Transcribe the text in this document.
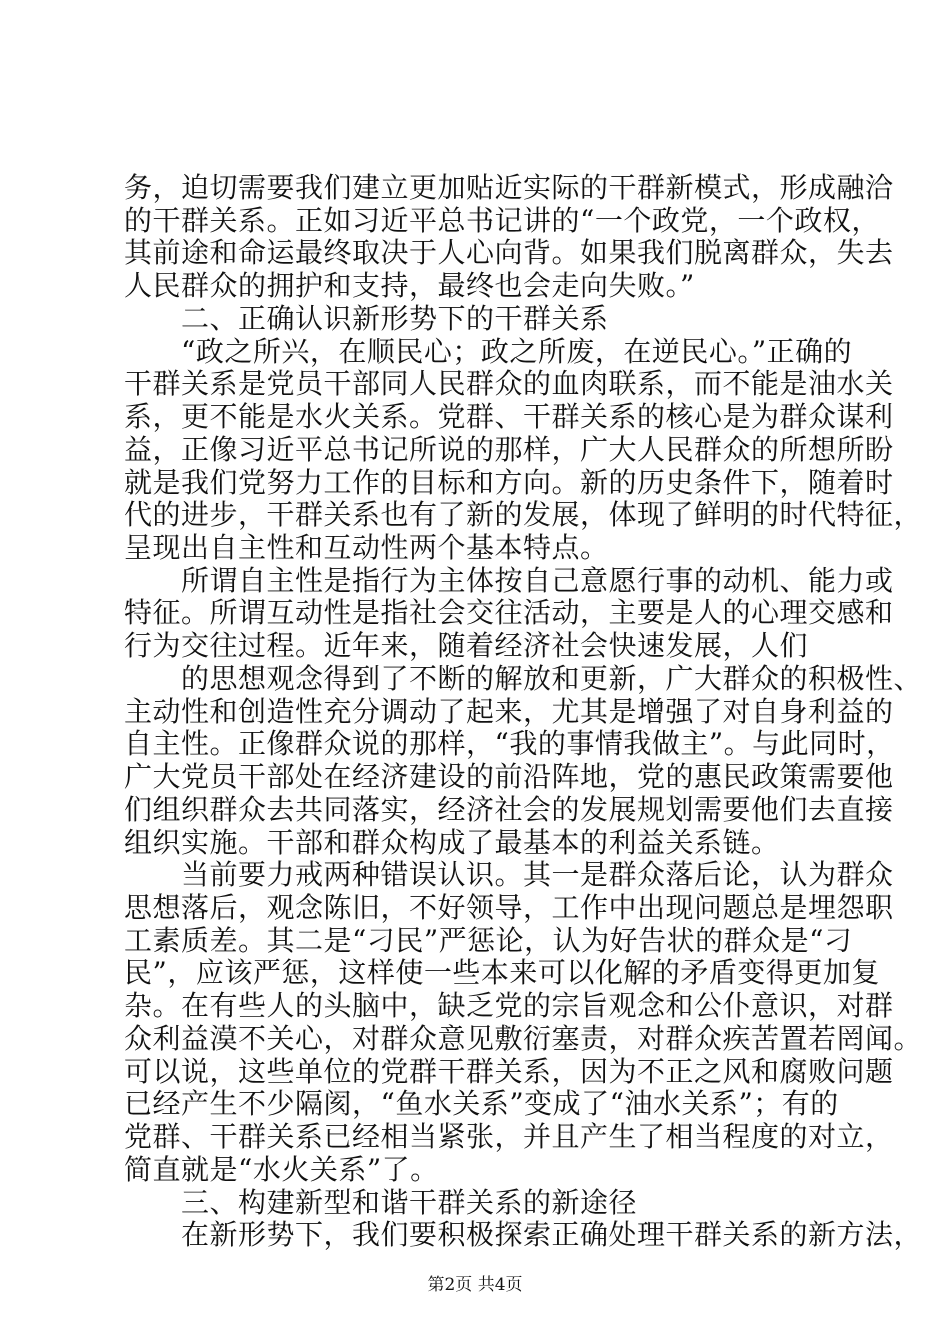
务，迫切需要我们建立更加贴近实际的干群新模式，形成融洽
的干群关系。正如习近平总书记讲的“一个政党，一个政权，
其前途和命运最终取决于人心向背。如果我们脱离群众，失去
人民群众的拥护和支持，最终也会走向失败。”
二、正确认识新形势下的干群关系
“政之所兴，在顺民心；政之所废，在逆民心。”正确的
干群关系是党员干部同人民群众的血肉联系，而不能是油水关
系，更不能是水火关系。党群、干群关系的核心是为群众谋利
益，正像习近平总书记所说的那样，广大人民群众的所想所盼
就是我们党努力工作的目标和方向。新的历史条件下，随着时
代的进步，干群关系也有了新的发展，体现了鲜明的时代特征，
呈现出自主性和互动性两个基本特点。
所谓自主性是指行为主体按自己意愿行事的动机、能力或
特征。所谓互动性是指社会交往活动，主要是人的心理交感和
行为交往过程。近年来，随着经济社会快速发展，人们
的思想观念得到了不断的解放和更新，广大群众的积极性、
主动性和创造性充分调动了起来，尤其是增强了对自身利益的
自主性。正像群众说的那样，“我的事情我做主”。与此同时，
广大党员干部处在经济建设的前沿阵地，党的惠民政策需要他
们组织群众去共同落实，经济社会的发展规划需要他们去直接
组织实施。干部和群众构成了最基本的利益关系链。
当前要力戒两种错误认识。其一是群众落后论，认为群众
思想落后，观念陈旧，不好领导，工作中出现问题总是埋怨职
工素质差。其二是“刁民”严惩论，认为好告状的群众是“刁
民”，应该严惩，这样使一些本来可以化解的矛盾变得更加复
杂。在有些人的头脑中，缺乏党的宗旨观念和公仆意识，对群
众利益漠不关心，对群众意见敷衍塞责，对群众疾苦置若罔闻。
可以说，这些单位的党群干群关系，因为不正之风和腐败问题
已经产生不少隔阂，“鱼水关系”变成了“油水关系”；有的
党群、干群关系已经相当紧张，并且产生了相当程度的对立，
简直就是“水火关系”了。
三、构建新型和谐干群关系的新途径
在新形势下，我们要积极探索正确处理干群关系的新方法，
第2页 共4页
